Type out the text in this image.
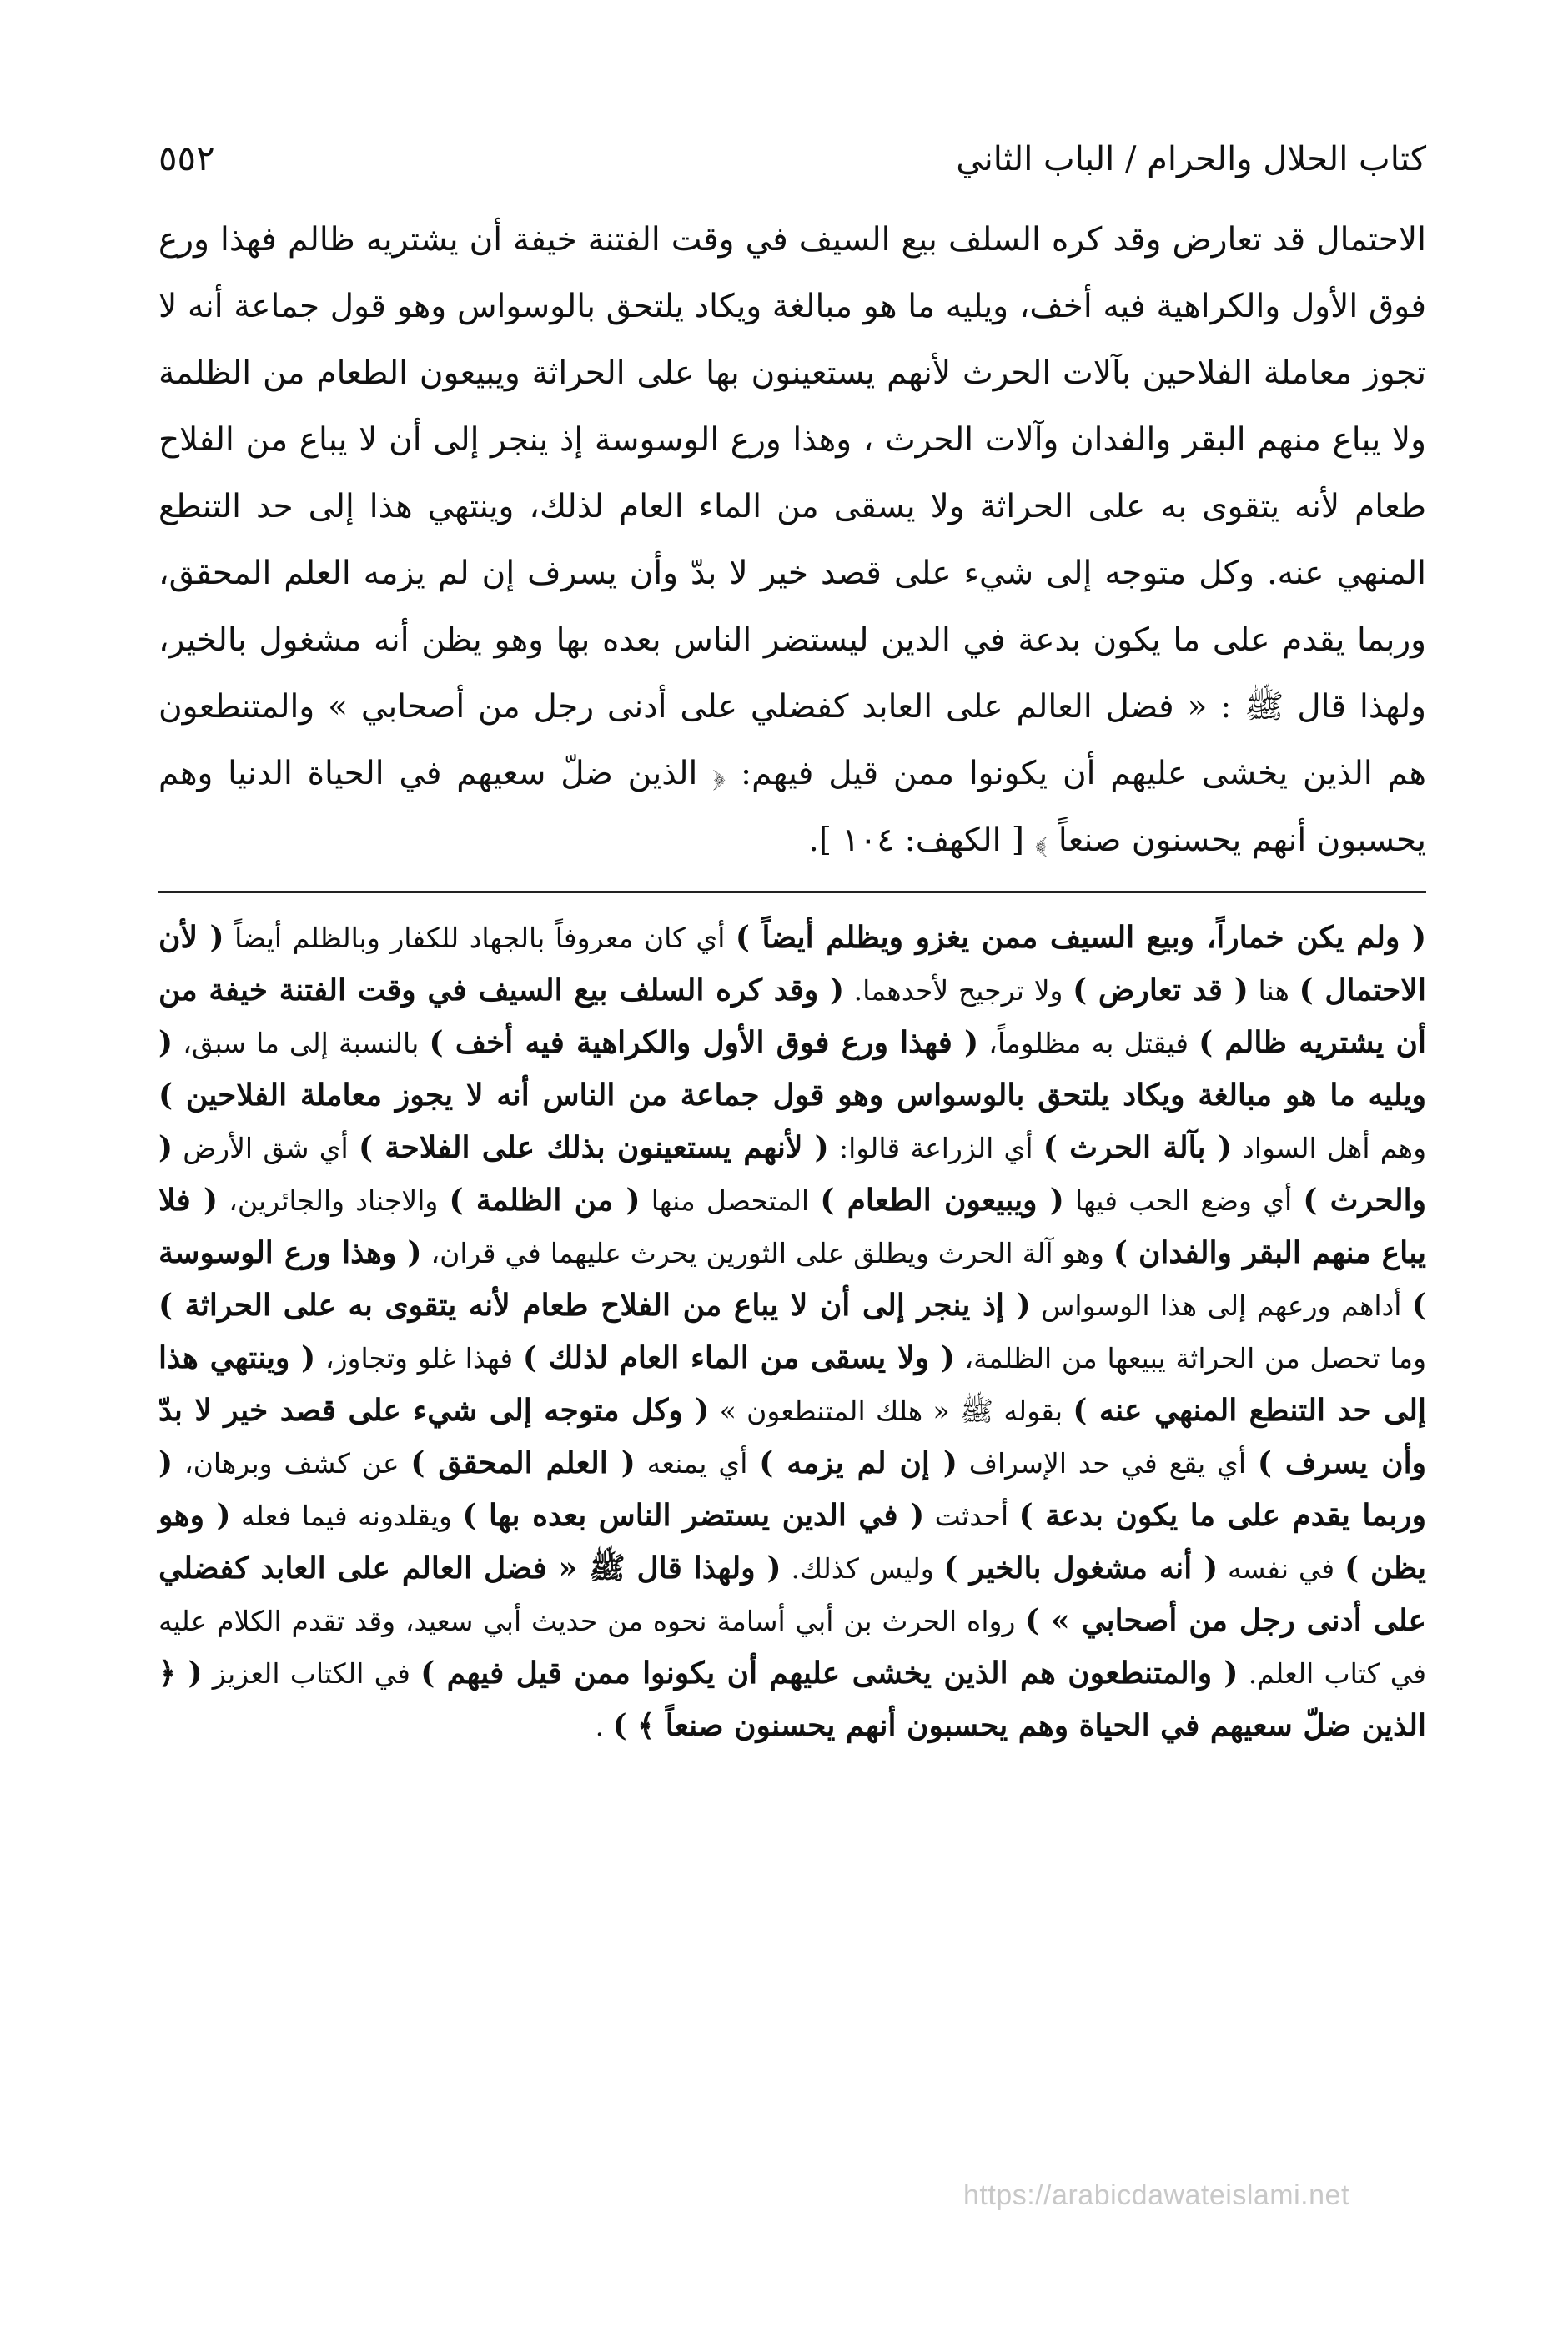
كتاب الحلال والحرام / الباب الثاني
٥٥٢

الاحتمال قد تعارض وقد كره السلف بيع السيف في وقت الفتنة خيفة أن يشتريه ظالم فهذا ورع فوق الأول والكراهية فيه أخف، ويليه ما هو مبالغة ويكاد يلتحق بالوسواس وهو قول جماعة أنه لا تجوز معاملة الفلاحين بآلات الحرث لأنهم يستعينون بها على الحراثة ويبيعون الطعام من الظلمة ولا يباع منهم البقر والفدان وآلات الحرث ، وهذا ورع الوسوسة إذ ينجر إلى أن لا يباع من الفلاح طعام لأنه يتقوى به على الحراثة ولا يسقى من الماء العام لذلك، وينتهي هذا إلى حد التنطع المنهي عنه. وكل متوجه إلى شيء على قصد خير لا بدّ وأن يسرف إن لم يزمه العلم المحقق، وربما يقدم على ما يكون بدعة في الدين ليستضر الناس بعده بها وهو يظن أنه مشغول بالخير، ولهذا قال ﷺ : « فضل العالم على العابد كفضلي على أدنى رجل من أصحابي » والمتنطعون هم الذين يخشى عليهم أن يكونوا ممن قيل فيهم: ﴿ الذين ضلّ سعيهم في الحياة الدنيا وهم يحسبون أنهم يحسنون صنعاً ﴾ [ الكهف: ١٠٤ ].

( ولم يكن خماراً، وبيع السيف ممن يغزو ويظلم أيضاً ) أي كان معروفاً بالجهاد للكفار وبالظلم أيضاً ( لأن الاحتمال ) هنا ( قد تعارض ) ولا ترجيح لأحدهما. ( وقد كره السلف بيع السيف في وقت الفتنة خيفة من أن يشتريه ظالم ) فيقتل به مظلوماً، ( فهذا ورع فوق الأول والكراهية فيه أخف ) بالنسبة إلى ما سبق، ( ويليه ما هو مبالغة ويكاد يلتحق بالوسواس وهو قول جماعة من الناس أنه لا يجوز معاملة الفلاحين ) وهم أهل السواد ( بآلة الحرث ) أي الزراعة قالوا: ( لأنهم يستعينون بذلك على الفلاحة ) أي شق الأرض ( والحرث ) أي وضع الحب فيها ( ويبيعون الطعام ) المتحصل منها ( من الظلمة ) والاجناد والجائرين، ( فلا يباع منهم البقر والفدان ) وهو آلة الحرث ويطلق على الثورين يحرث عليهما في قران، ( وهذا ورع الوسوسة ) أداهم ورعهم إلى هذا الوسواس ( إذ ينجر إلى أن لا يباع من الفلاح طعام لأنه يتقوى به على الحراثة ) وما تحصل من الحراثة يبيعها من الظلمة، ( ولا يسقى من الماء العام لذلك ) فهذا غلو وتجاوز، ( وينتهي هذا إلى حد التنطع المنهي عنه ) بقوله ﷺ « هلك المتنطعون » ( وكل متوجه إلى شيء على قصد خير لا بدّ وأن يسرف ) أي يقع في حد الإسراف ( إن لم يزمه ) أي يمنعه ( العلم المحقق ) عن كشف وبرهان، ( وربما يقدم على ما يكون بدعة ) أحدثت ( في الدين يستضر الناس بعده بها ) ويقلدونه فيما فعله ( وهو يظن ) في نفسه ( أنه مشغول بالخير ) وليس كذلك. ( ولهذا قال ﷺ « فضل العالم على العابد كفضلي على أدنى رجل من أصحابي » ) رواه الحرث بن أبي أسامة نحوه من حديث أبي سعيد، وقد تقدم الكلام عليه في كتاب العلم. ( والمتنطعون هم الذين يخشى عليهم أن يكونوا ممن قيل فيهم ) في الكتاب العزيز ( ﴿ الذين ضلّ سعيهم في الحياة وهم يحسبون أنهم يحسنون صنعاً ﴾ ) .

https://arabicdawateislami.net
